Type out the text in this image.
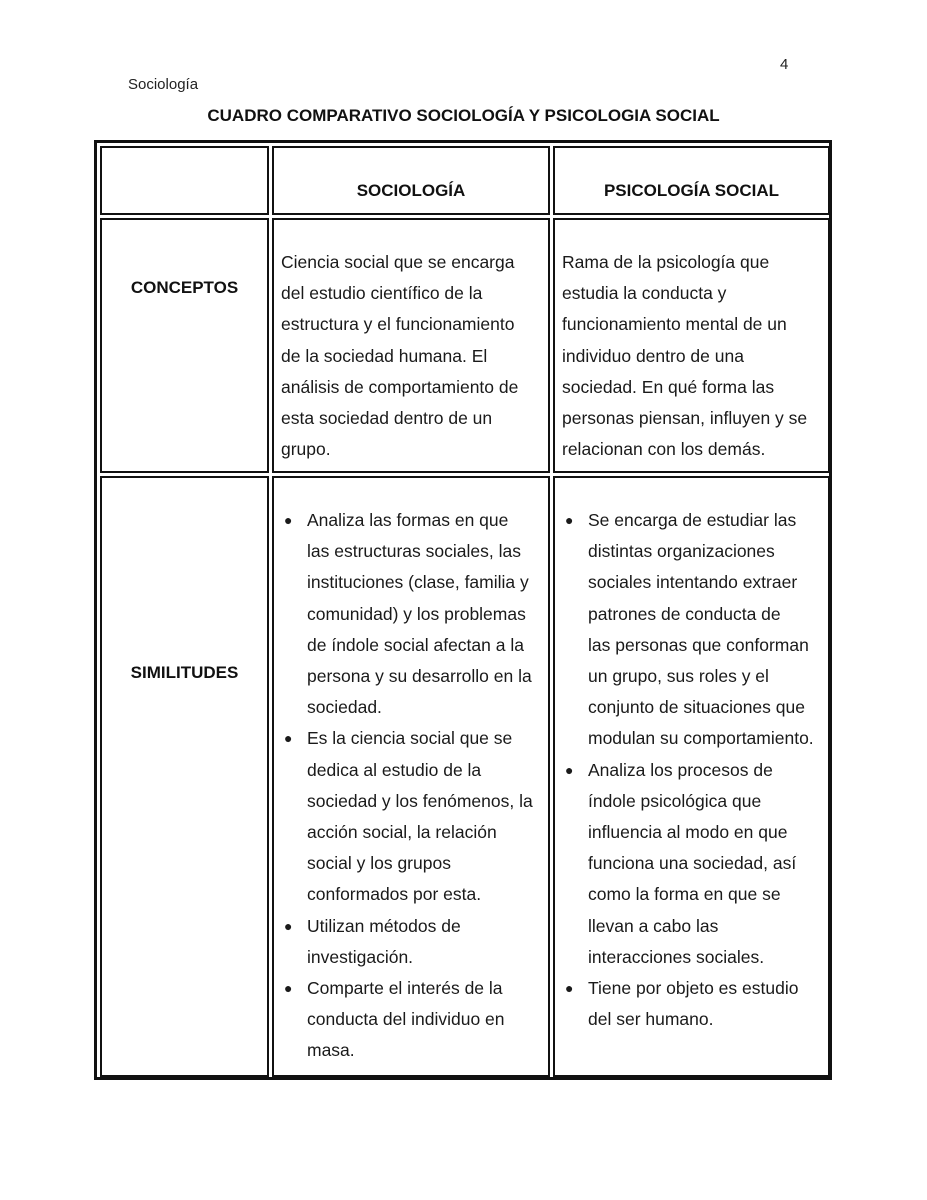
4
Sociología
CUADRO COMPARATIVO SOCIOLOGÍA Y PSICOLOGIA SOCIAL
SOCIOLOGÍA	PSICOLOGÍA SOCIAL
CONCEPTOS
Ciencia social que se encarga
del estudio científico de la
estructura y el funcionamiento
de la sociedad humana. El
análisis de comportamiento de
esta sociedad dentro de un
grupo.
Rama de la psicología que
estudia la conducta y
funcionamiento mental de un
individuo dentro de una
sociedad. En qué forma las
personas piensan, influyen y se
relacionan con los demás.
SIMILITUDES
● Analiza las formas en que
las estructuras sociales, las
instituciones (clase, familia y
comunidad) y los problemas
de índole social afectan a la
persona y su desarrollo en la
sociedad.
● Es la ciencia social que se
dedica al estudio de la
sociedad y los fenómenos, la
acción social, la relación
social y los grupos
conformados por esta.
● Utilizan métodos de
investigación.
● Comparte el interés de la
conducta del individuo en
masa.
● Se encarga de estudiar las
distintas organizaciones
sociales intentando extraer
patrones de conducta de
las personas que conforman
un grupo, sus roles y el
conjunto de situaciones que
modulan su comportamiento.
● Analiza los procesos de
índole psicológica que
influencia al modo en que
funciona una sociedad, así
como la forma en que se
llevan a cabo las
interacciones sociales.
● Tiene por objeto es estudio
del ser humano.
